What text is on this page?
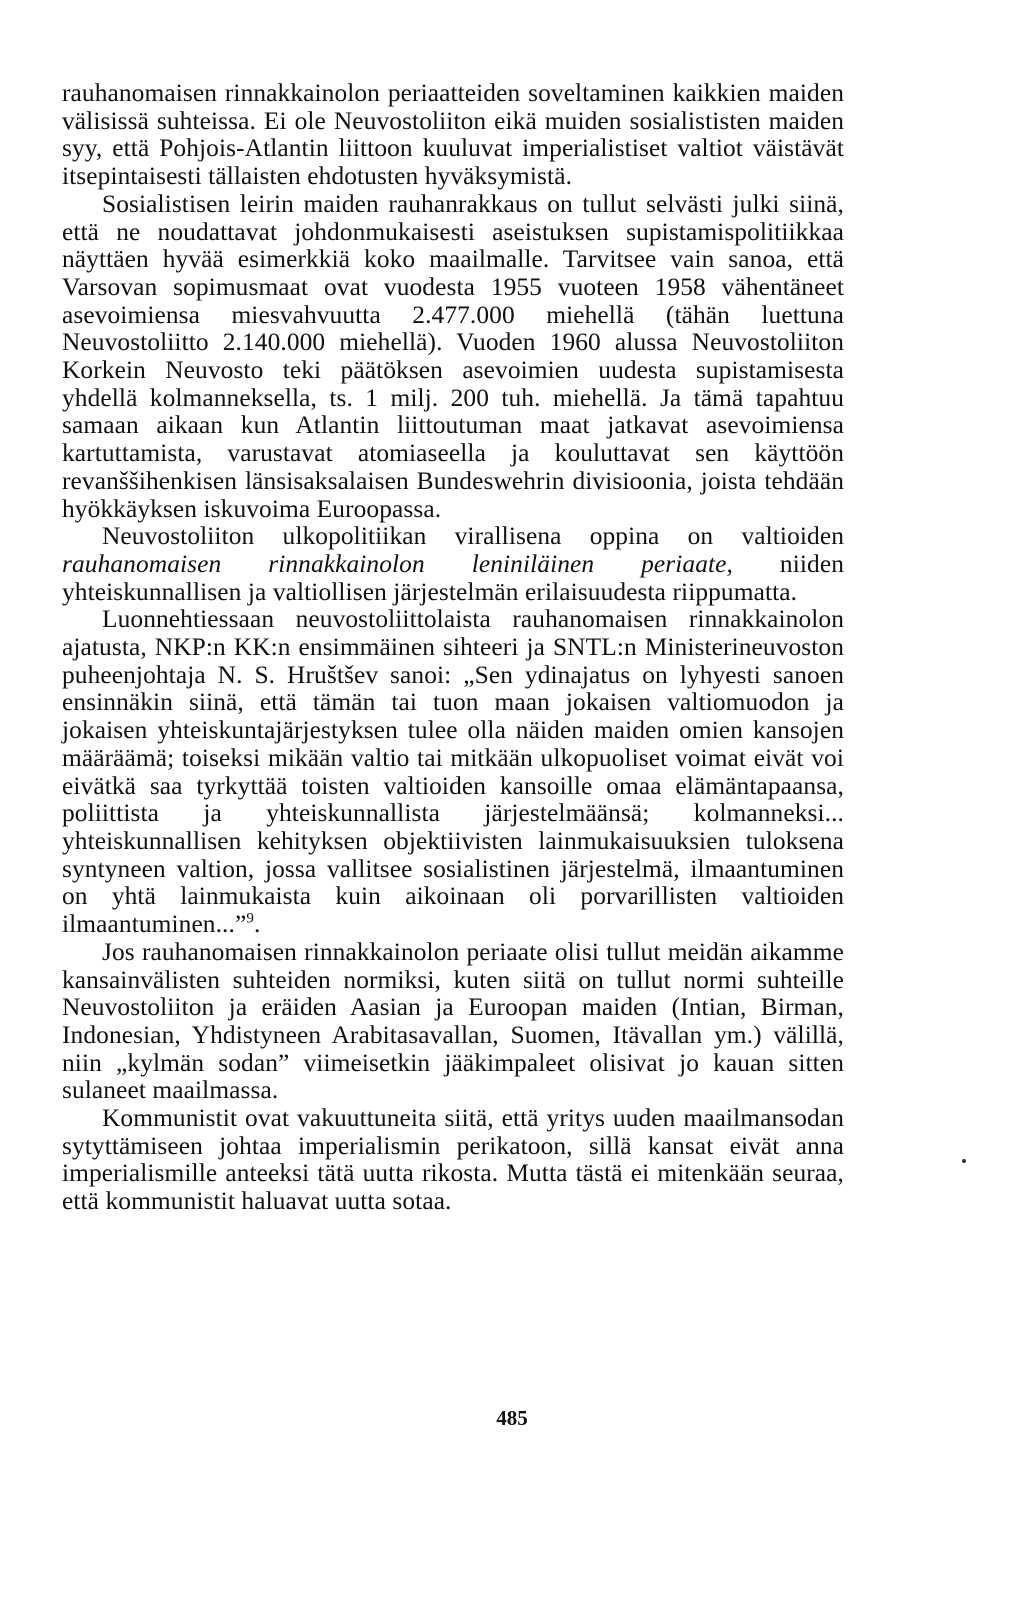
rauhanomaisen rinnakkainolon periaatteiden soveltaminen kaikkien maiden välisissä suhteissa. Ei ole Neuvostoliiton eikä muiden sosialististen maiden syy, että Pohjois-Atlantin liittoon kuuluvat imperialistiset valtiot väistävät itsepintaisesti tällaisten ehdotusten hyväksymistä.

Sosialistisen leirin maiden rauhanrakkaus on tullut selvästi julki siinä, että ne noudattavat johdonmukaisesti aseistuksen supistamispolitiikkaa näyttäen hyvää esimerkkiä koko maailmalle. Tarvitsee vain sanoa, että Varsovan sopimusmaat ovat vuodesta 1955 vuoteen 1958 vähentäneet asevoimiensa miesvahvuutta 2.477.000 miehellä (tähän luettuna Neuvostoliitto 2.140.000 miehellä). Vuoden 1960 alussa Neuvostoliiton Korkein Neuvosto teki päätöksen asevoimien uudesta supistamisesta yhdellä kolmanneksella, ts. 1 milj. 200 tuh. miehellä. Ja tämä tapahtuu samaan aikaan kun Atlantin liittoutuman maat jatkavat asevoimiensa kartuttamista, varustavat atomiaseella ja kouluttavat sen käyttöön revanššihenkisen länsisaksalaisen Bundeswehrin divisioonia, joista tehdään hyökkäyksen iskuvoima Euroopassa.

Neuvostoliiton ulkopolitiikan virallisena oppina on valtioiden rauhanomaisen rinnakkainolon leniniläinen periaate, niiden yhteiskunnallisen ja valtiollisen järjestelmän erilaisuudesta riippumatta.

Luonnehtiessaan neuvostoliittolaista rauhanomaisen rinnakkainolon ajatusta, NKP:n KK:n ensimmäinen sihteeri ja SNTL:n Ministerineuvoston puheenjohtaja N. S. Hruštšev sanoi: „Sen ydinajatus on lyhyesti sanoen ensinnäkin siinä, että tämän tai tuon maan jokaisen valtiomuodon ja jokaisen yhteiskuntajärjestyksen tulee olla näiden maiden omien kansojen määräämä; toiseksi mikään valtio tai mitkään ulkopuoliset voimat eivät voi eivätkä saa tyrkyttää toisten valtioiden kansoille omaa elämäntapaansa, poliittista ja yhteiskunnallista järjestelmäänsä; kolmanneksi... yhteiskunnallisen kehityksen objektiivisten lainmukaisuuksien tuloksena syntyneen valtion, jossa vallitsee sosialistinen järjestelmä, ilmaantuminen on yhtä lainmukaista kuin aikoinaan oli porvarillisten valtioiden ilmaantuminen...”$^9$.

Jos rauhanomaisen rinnakkainolon periaate olisi tullut meidän aikamme kansainvälisten suhteiden normiksi, kuten siitä on tullut normi suhteille Neuvostoliiton ja eräiden Aasian ja Euroopan maiden (Intian, Birman, Indonesian, Yhdistyneen Arabitasavallan, Suomen, Itävallan ym.) välillä, niin „kylmän sodan” viimeisetkin jääkimpaleet olisivat jo kauan sitten sulaneet maailmassa.

Kommunistit ovat vakuuttuneita siitä, että yritys uuden maailmansodan sytyttämiseen johtaa imperialismin perikatoon, sillä kansat eivät anna imperialismille anteeksi tätä uutta rikosta. Mutta tästä ei mitenkään seuraa, että kommunistit haluavat uutta sotaa.

485
